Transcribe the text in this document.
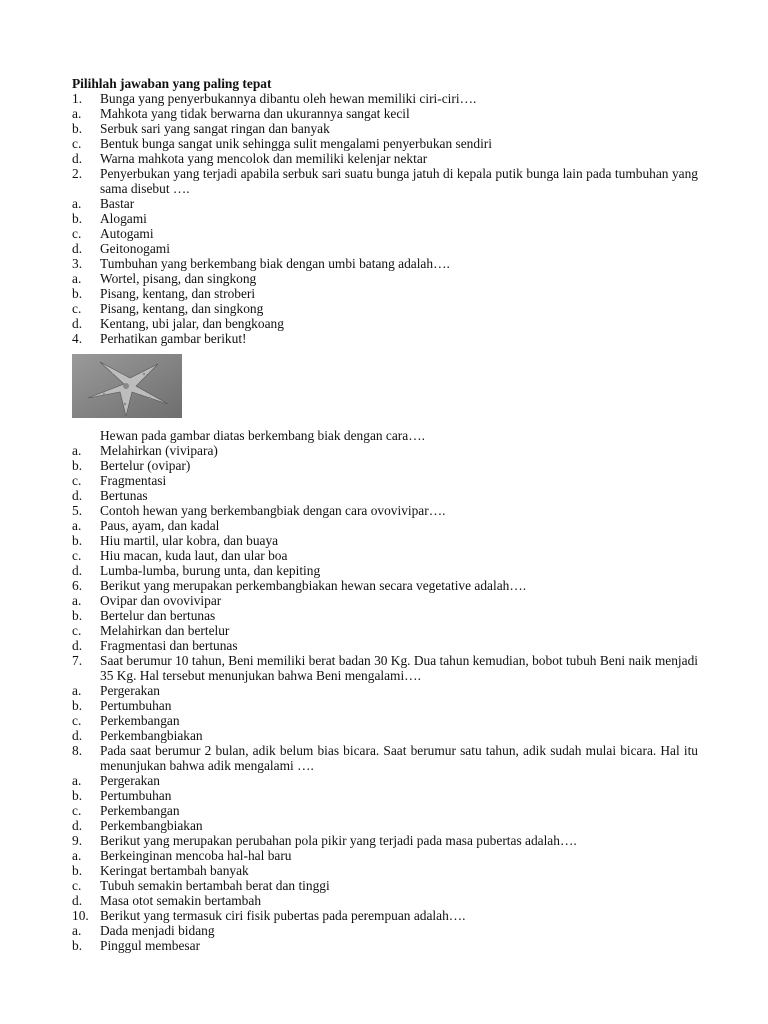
Pilihlah jawaban yang paling tepat
1.	Bunga yang penyerbukannya dibantu oleh hewan memiliki ciri-ciri….
a.	Mahkota yang tidak berwarna dan ukurannya sangat kecil
b.	Serbuk sari yang sangat ringan dan banyak
c.	Bentuk bunga sangat unik sehingga sulit mengalami penyerbukan sendiri
d.	Warna mahkota yang mencolok dan memiliki kelenjar nektar
2.	Penyerbukan yang terjadi apabila serbuk sari suatu bunga jatuh di kepala putik bunga lain pada tumbuhan yang sama disebut ….
a.	Bastar
b.	Alogami
c.	Autogami
d.	Geitonogami
3.	Tumbuhan yang berkembang biak dengan umbi batang adalah….
a.	Wortel, pisang, dan singkong
b.	Pisang, kentang, dan stroberi
c.	Pisang, kentang, dan singkong
d.	Kentang, ubi jalar, dan bengkoang
4.	Perhatikan gambar berikut!
Hewan pada gambar diatas berkembang biak dengan cara….
a.	Melahirkan (vivipara)
b.	Bertelur (ovipar)
c.	Fragmentasi
d.	Bertunas
5.	Contoh hewan yang berkembangbiak dengan cara ovovivipar….
a.	Paus, ayam, dan kadal
b.	Hiu martil, ular kobra, dan buaya
c.	Hiu macan, kuda laut, dan ular boa
d.	Lumba-lumba, burung unta, dan kepiting
6.	Berikut yang merupakan perkembangbiakan hewan secara vegetative adalah….
a.	Ovipar dan ovovivipar
b.	Bertelur dan bertunas
c.	Melahirkan dan bertelur
d.	Fragmentasi dan bertunas
7.	Saat berumur 10 tahun, Beni memiliki berat badan 30 Kg. Dua tahun kemudian, bobot tubuh Beni naik menjadi 35 Kg. Hal tersebut menunjukan bahwa Beni mengalami….
a.	Pergerakan
b.	Pertumbuhan
c.	Perkembangan
d.	Perkembangbiakan
8.	Pada saat berumur 2 bulan, adik belum bias bicara. Saat berumur satu tahun, adik sudah mulai bicara. Hal itu menunjukan bahwa adik mengalami ….
a.	Pergerakan
b.	Pertumbuhan
c.	Perkembangan
d.	Perkembangbiakan
9.	Berikut yang merupakan perubahan pola pikir yang terjadi pada masa pubertas adalah….
a.	Berkeinginan mencoba hal-hal baru
b.	Keringat bertambah banyak
c.	Tubuh semakin bertambah berat dan tinggi
d.	Masa otot semakin bertambah
10. Berikut yang termasuk ciri fisik pubertas pada perempuan adalah….
a.	Dada menjadi bidang
b.	Pinggul membesar
